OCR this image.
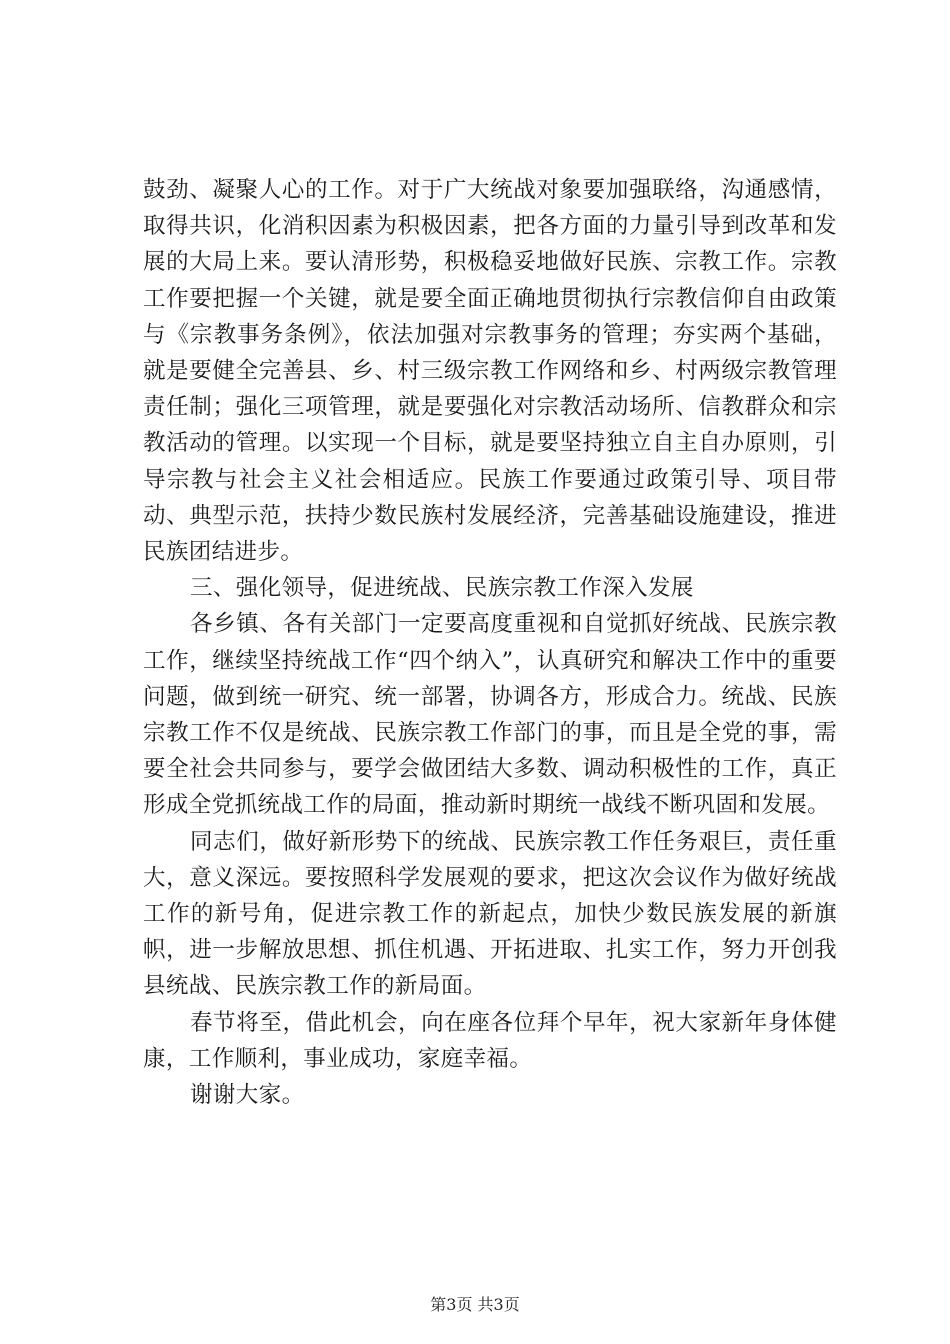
鼓劲、凝聚人心的工作。对于广大统战对象要加强联络，沟通感情，取得共识，化消积因素为积极因素，把各方面的力量引导到改革和发展的大局上来。要认清形势，积极稳妥地做好民族、宗教工作。宗教工作要把握一个关键，就是要全面正确地贯彻执行宗教信仰自由政策与《宗教事务条例》，依法加强对宗教事务的管理；夯实两个基础，就是要健全完善县、乡、村三级宗教工作网络和乡、村两级宗教管理责任制；强化三项管理，就是要强化对宗教活动场所、信教群众和宗教活动的管理。以实现一个目标，就是要坚持独立自主自办原则，引导宗教与社会主义社会相适应。民族工作要通过政策引导、项目带动、典型示范，扶持少数民族村发展经济，完善基础设施建设，推进民族团结进步。

三、强化领导，促进统战、民族宗教工作深入发展

各乡镇、各有关部门一定要高度重视和自觉抓好统战、民族宗教工作，继续坚持统战工作“四个纳入”，认真研究和解决工作中的重要问题，做到统一研究、统一部署，协调各方，形成合力。统战、民族宗教工作不仅是统战、民族宗教工作部门的事，而且是全党的事，需要全社会共同参与，要学会做团结大多数、调动积极性的工作，真正形成全党抓统战工作的局面，推动新时期统一战线不断巩固和发展。

同志们，做好新形势下的统战、民族宗教工作任务艰巨，责任重大，意义深远。要按照科学发展观的要求，把这次会议作为做好统战工作的新号角，促进宗教工作的新起点，加快少数民族发展的新旗帜，进一步解放思想、抓住机遇、开拓进取、扎实工作，努力开创我县统战、民族宗教工作的新局面。

春节将至，借此机会，向在座各位拜个早年，祝大家新年身体健康，工作顺利，事业成功，家庭幸福。

谢谢大家。

第3页 共3页
